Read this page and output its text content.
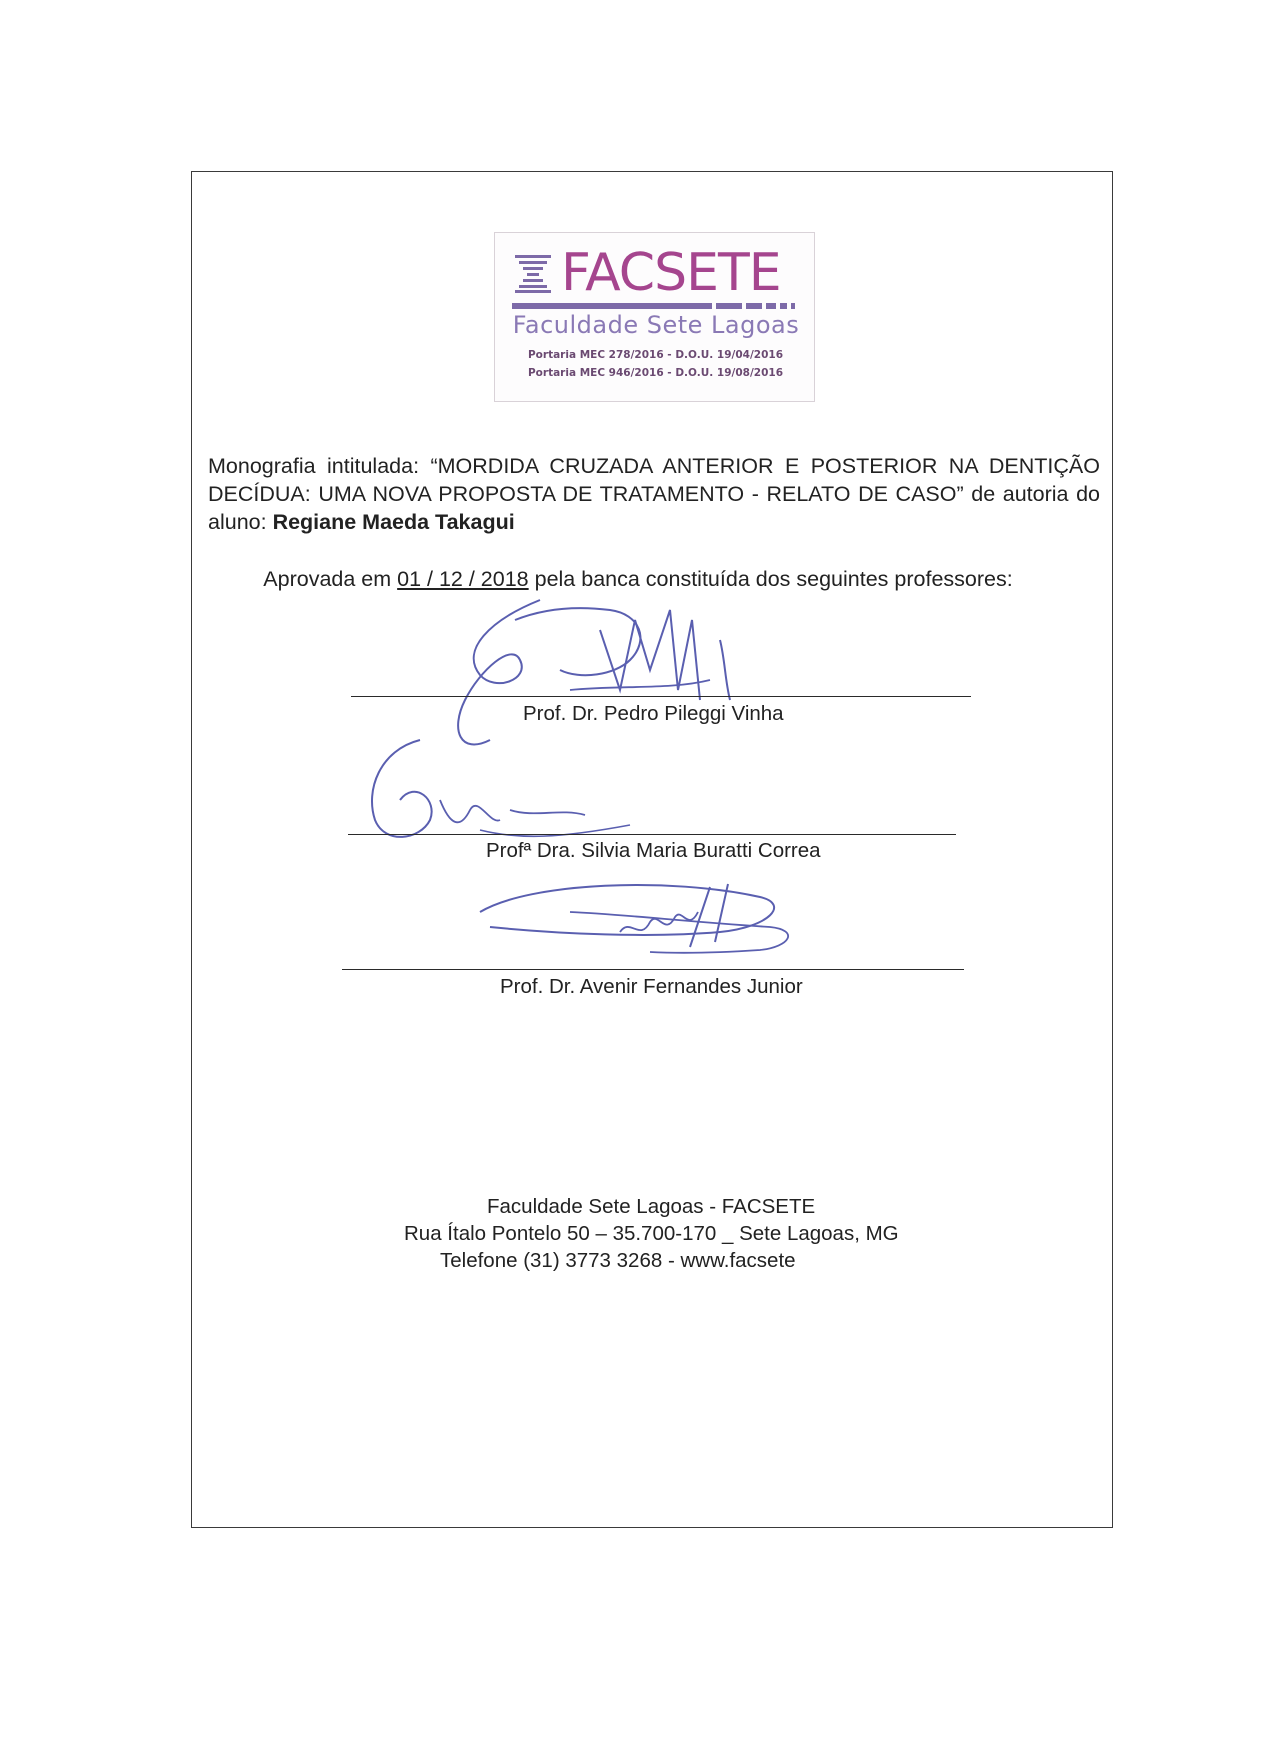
FACSETE
Faculdade Sete Lagoas
Portaria MEC 278/2016 - D.O.U. 19/04/2016
Portaria MEC 946/2016 - D.O.U. 19/08/2016
Monografia intitulada: “MORDIDA CRUZADA ANTERIOR E POSTERIOR NA DENTIÇÃO DECÍDUA: UMA NOVA PROPOSTA DE TRATAMENTO - RELATO DE CASO” de autoria do aluno: Regiane Maeda Takagui
Aprovada em 01 / 12 / 2018 pela banca constituída dos seguintes professores:
Prof. Dr. Pedro Pileggi Vinha
Profª Dra. Silvia Maria Buratti Correa
Prof. Dr. Avenir Fernandes Junior
Faculdade Sete Lagoas - FACSETE
Rua Ítalo Pontelo 50 – 35.700-170 _ Sete Lagoas, MG
Telefone (31) 3773 3268 - www.facsete
